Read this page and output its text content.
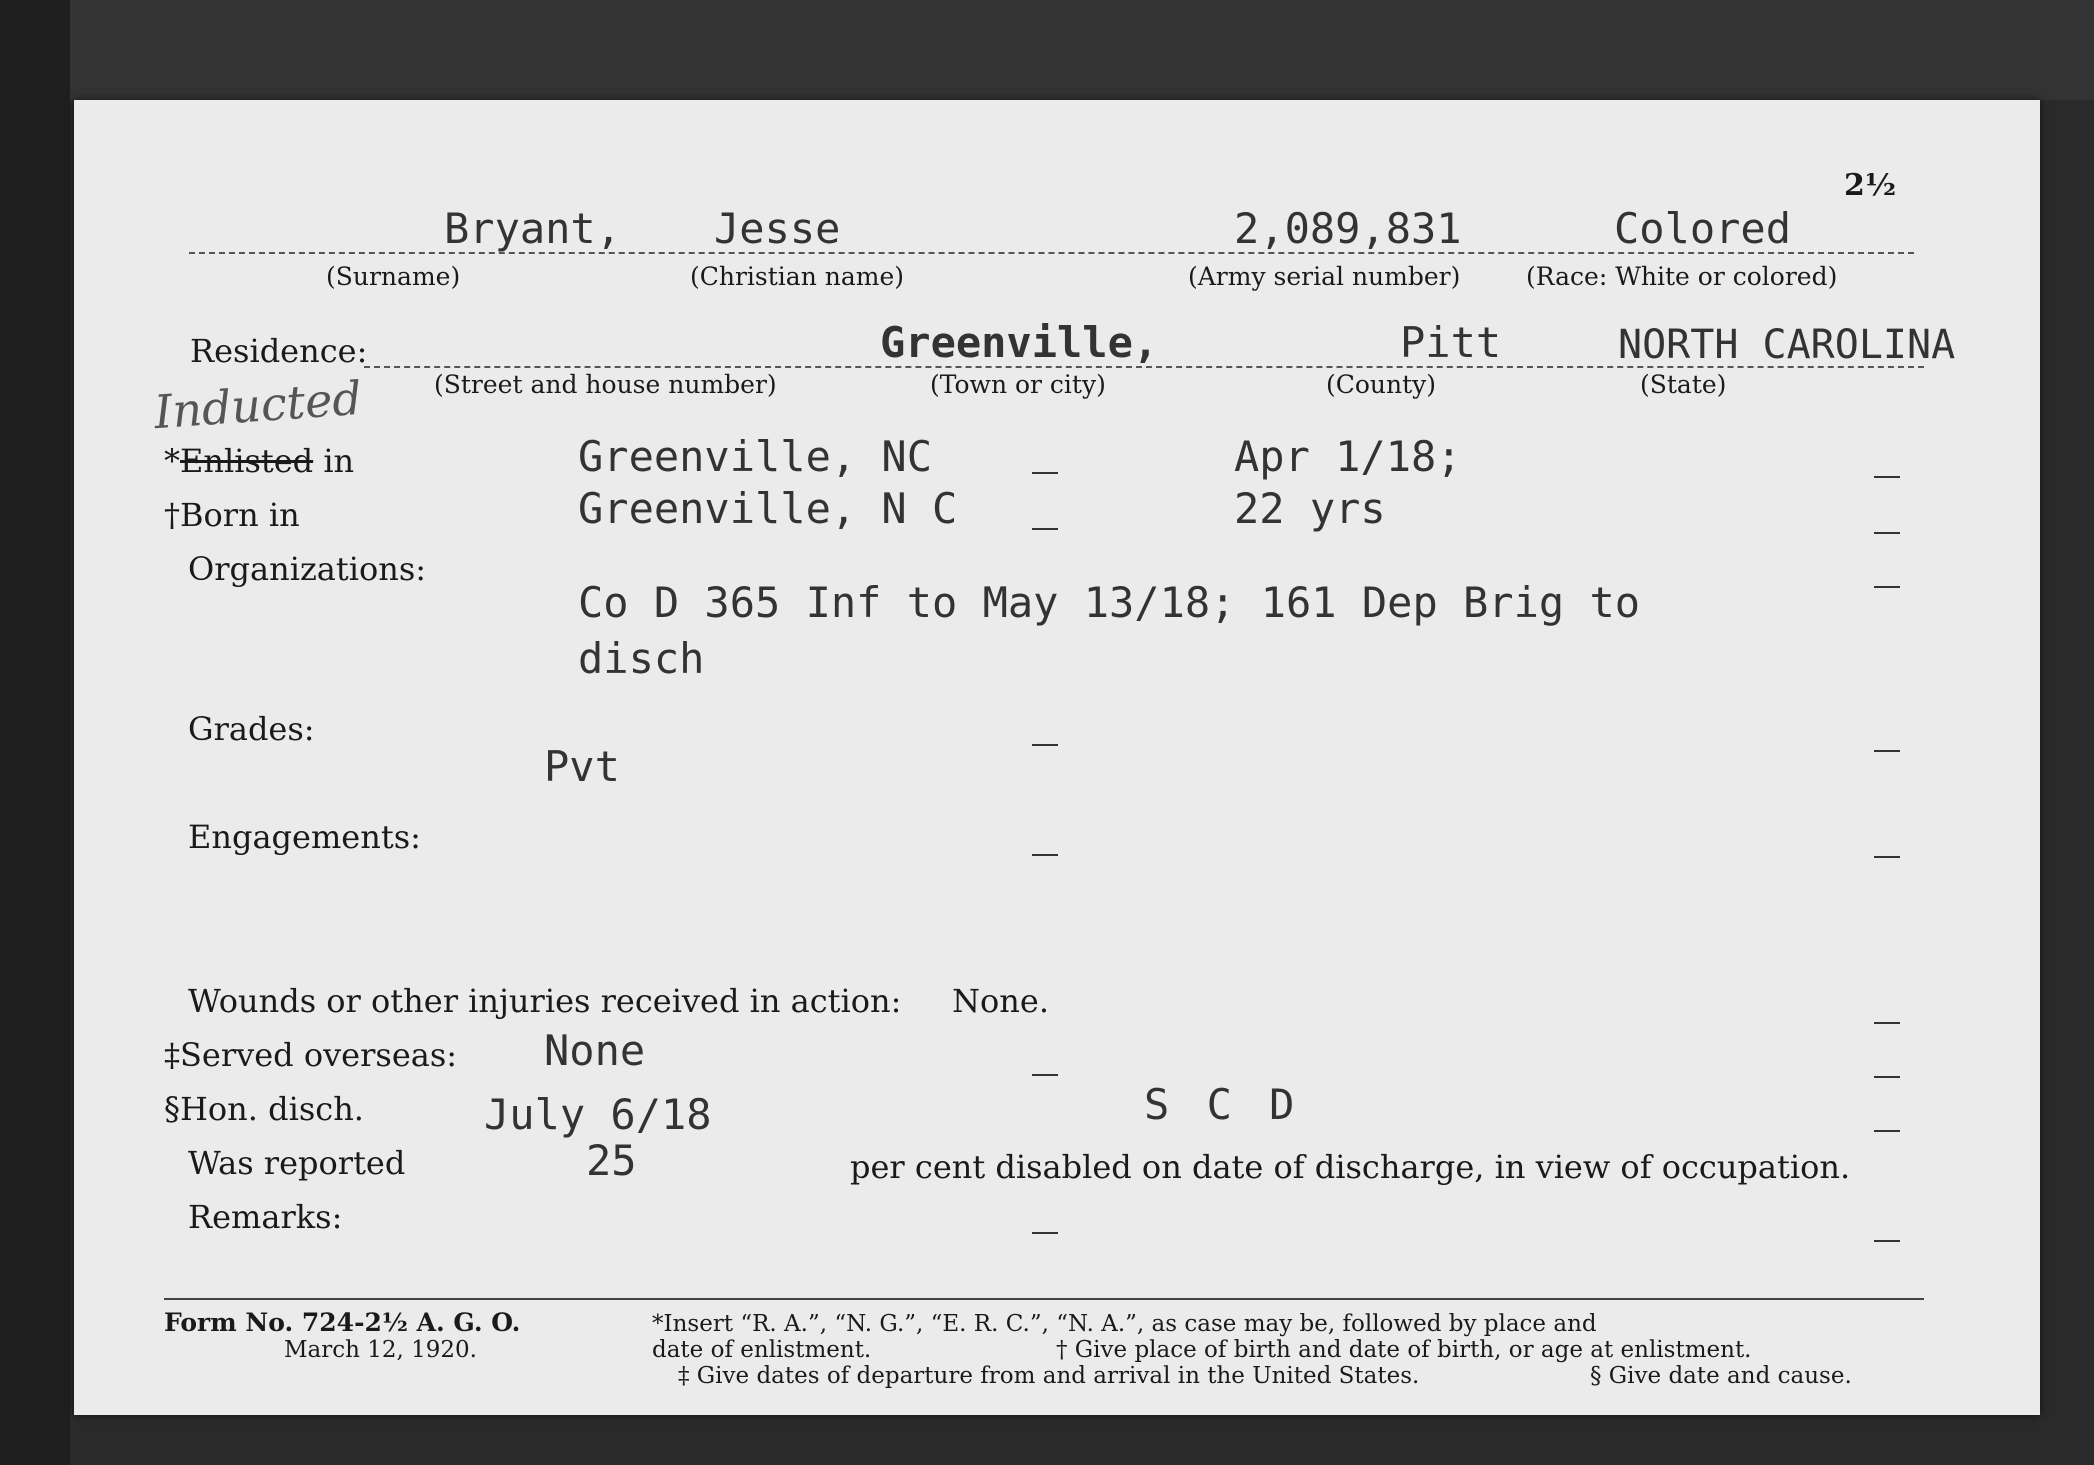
2½
Bryant, Jesse	2,089,831	Colored
(Surname)	(Christian name)	(Army serial number)	(Race: White or colored)
Residence:	Greenville,	Pitt	NORTH CAROLINA
(Street and house number)	(Town or city)	(County)	(State)
Inducted
*Enlisted in	Greenville, NC	Apr 1/18;
†Born in	Greenville, N C	22 yrs
Organizations:
Co D 365 Inf to May 13/18; 161 Dep Brig to
disch
Grades:
Pvt
Engagements:
Wounds or other injuries received in action: None.
‡Served overseas: None
§Hon. disch.	July 6/18	S C D
Was reported	25	per cent disabled on date of discharge, in view of occupation.
Remarks:
Form No. 724-2½ A. G. O.
March 12, 1920.
*Insert “R. A.”, “N. G.”, “E. R. C.”, “N. A.”, as case may be, followed by place and
date of enlistment.	† Give place of birth and date of birth, or age at enlistment.
‡ Give dates of departure from and arrival in the United States.	§ Give date and cause.
